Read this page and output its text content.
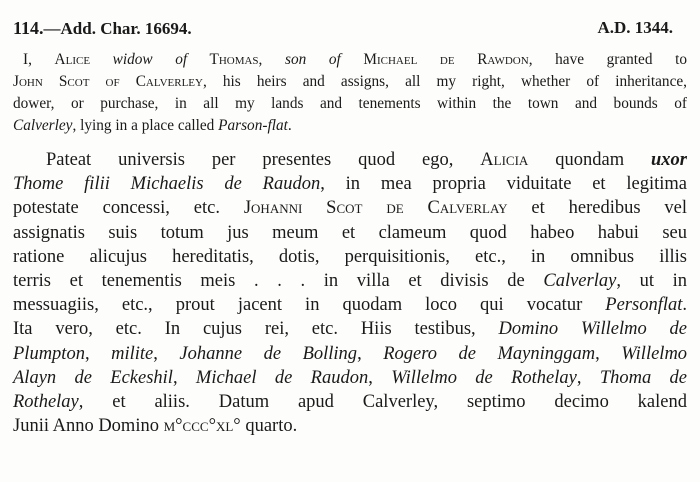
114.—Add. Char. 16694.	A.D. 1344.
I, Alice widow of Thomas, son of Michael de Rawdon, have granted to
John Scot of Calverley, his heirs and assigns, all my right, whether of inheritance,
dower, or purchase, in all my lands and tenements within the town and bounds of
Calverley, lying in a place called Parson-flat.
Pateat universis per presentes quod ego, Alicia quondam uxor
Thome filii Michaelis de Raudon, in mea propria viduitate et legitima
potestate concessi, etc. Johanni Scot de Calverlay et heredibus vel
assignatis suis totum jus meum et clameum quod habeo habui seu
ratione alicujus hereditatis, dotis, perquisitionis, etc., in omnibus illis
terris et tenementis meis . . . in villa et divisis de Calverlay, ut in
messuagiis, etc., prout jacent in quodam loco qui vocatur Personflat.
Ita vero, etc. In cujus rei, etc. Hiis testibus, Domino Willelmo de
Plumpton, milite, Johanne de Bolling, Rogero de Mayninggam, Willelmo
Alayn de Eckeshil, Michael de Raudon, Willelmo de Rothelay, Thoma de
Rothelay, et aliis. Datum apud Calverley, septimo decimo kalend
Junii Anno Domino m°ccc°xl° quarto.
